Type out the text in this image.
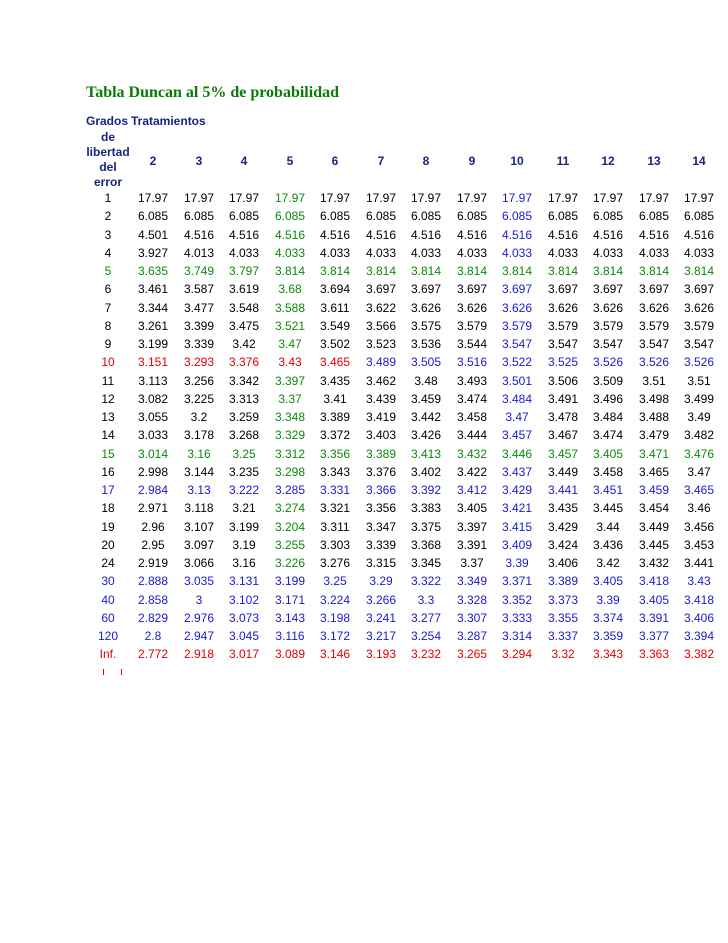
Tabla Duncan al 5% de probabilidad
Grados Tratamientos
de
libertad
del
error
2	3	4	5	6	7	8	9	10	11	12	13	14
1	17.97	17.97	17.97	17.97	17.97	17.97	17.97	17.97	17.97	17.97	17.97	17.97	17.97
2	6.085	6.085	6.085	6.085	6.085	6.085	6.085	6.085	6.085	6.085	6.085	6.085	6.085
3	4.501	4.516	4.516	4.516	4.516	4.516	4.516	4.516	4.516	4.516	4.516	4.516	4.516
4	3.927	4.013	4.033	4.033	4.033	4.033	4.033	4.033	4.033	4.033	4.033	4.033	4.033
5	3.635	3.749	3.797	3.814	3.814	3.814	3.814	3.814	3.814	3.814	3.814	3.814	3.814
6	3.461	3.587	3.619	3.68	3.694	3.697	3.697	3.697	3.697	3.697	3.697	3.697	3.697
7	3.344	3.477	3.548	3.588	3.611	3.622	3.626	3.626	3.626	3.626	3.626	3.626	3.626
8	3.261	3.399	3.475	3.521	3.549	3.566	3.575	3.579	3.579	3.579	3.579	3.579	3.579
9	3.199	3.339	3.42	3.47	3.502	3.523	3.536	3.544	3.547	3.547	3.547	3.547	3.547
10	3.151	3.293	3.376	3.43	3.465	3.489	3.505	3.516	3.522	3.525	3.526	3.526	3.526
11	3.113	3.256	3.342	3.397	3.435	3.462	3.48	3.493	3.501	3.506	3.509	3.51	3.51
12	3.082	3.225	3.313	3.37	3.41	3.439	3.459	3.474	3.484	3.491	3.496	3.498	3.499
13	3.055	3.2	3.259	3.348	3.389	3.419	3.442	3.458	3.47	3.478	3.484	3.488	3.49
14	3.033	3.178	3.268	3.329	3.372	3.403	3.426	3.444	3.457	3.467	3.474	3.479	3.482
15	3.014	3.16	3.25	3.312	3.356	3.389	3.413	3.432	3.446	3.457	3.405	3.471	3.476
16	2.998	3.144	3.235	3.298	3.343	3.376	3.402	3.422	3.437	3.449	3.458	3.465	3.47
17	2.984	3.13	3.222	3.285	3.331	3.366	3.392	3.412	3.429	3.441	3.451	3.459	3.465
18	2.971	3.118	3.21	3.274	3.321	3.356	3.383	3.405	3.421	3.435	3.445	3.454	3.46
19	2.96	3.107	3.199	3.204	3.311	3.347	3.375	3.397	3.415	3.429	3.44	3.449	3.456
20	2.95	3.097	3.19	3.255	3.303	3.339	3.368	3.391	3.409	3.424	3.436	3.445	3.453
24	2.919	3.066	3.16	3.226	3.276	3.315	3.345	3.37	3.39	3.406	3.42	3.432	3.441
30	2.888	3.035	3.131	3.199	3.25	3.29	3.322	3.349	3.371	3.389	3.405	3.418	3.43
40	2.858	3	3.102	3.171	3.224	3.266	3.3	3.328	3.352	3.373	3.39	3.405	3.418
60	2.829	2.976	3.073	3.143	3.198	3.241	3.277	3.307	3.333	3.355	3.374	3.391	3.406
120	2.8	2.947	3.045	3.116	3.172	3.217	3.254	3.287	3.314	3.337	3.359	3.377	3.394
Inf.	2.772	2.918	3.017	3.089	3.146	3.193	3.232	3.265	3.294	3.32	3.343	3.363	3.382
